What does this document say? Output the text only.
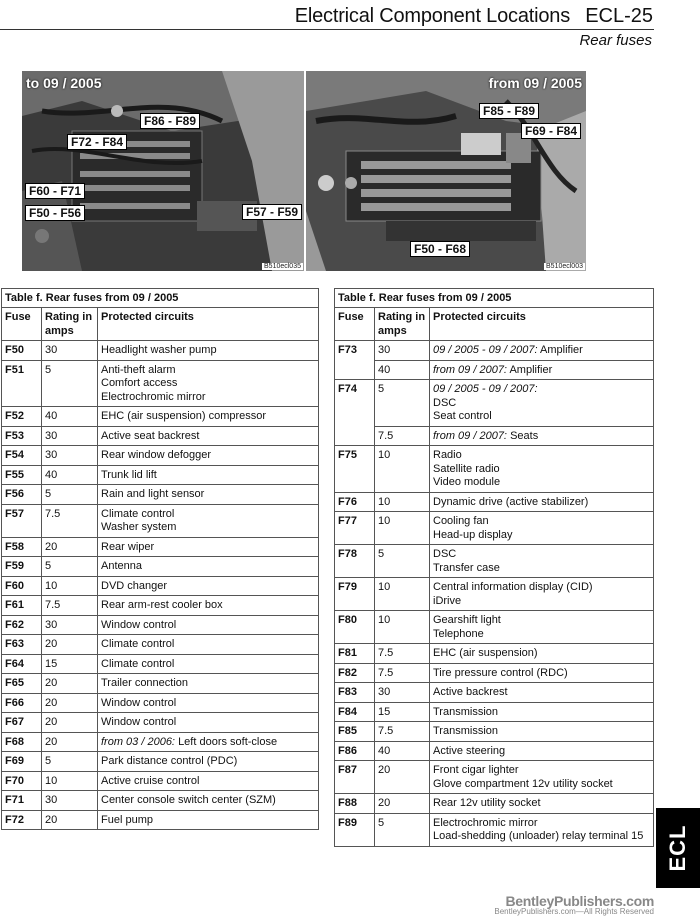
Electrical Component Locations ECL-25
Rear fuses
to 09 / 2005
F86 - F89
F72 - F84
F60 - F71
F50 - F56	F57 - F59
B510ecl035
from 09 / 2005
F85 - F89
F69 - F84
F50 - F68
B510ecl003
Table f. Rear fuses from 09 / 2005
Fuse	Rating in amps	Protected circuits
F50	30	Headlight washer pump

F51	5	Anti-theft alarm
Comfort access
Electrochromic mirror

F52	40	EHC (air suspension) compressor

F53	30	Active seat backrest

F54	30	Rear window defogger

F55	40	Trunk lid lift

F56	5	Rain and light sensor

F57	7.5	Climate control
Washer system

F58	20	Rear wiper

F59	5	Antenna

F60	10	DVD changer

F61	7.5	Rear arm-rest cooler box

F62	30	Window control

F63	20	Climate control

F64	15	Climate control

F65	20	Trailer connection

F66	20	Window control

F67	20	Window control

F68	20	from 03 / 2006: Left doors soft-close

F69	5	Park distance control (PDC)

F70	10	Active cruise control

F71	30	Center console switch center (SZM)

F72	20	Fuel pump
Table f. Rear fuses from 09 / 2005
Fuse	Rating in amps	Protected circuits
F73	30	09 / 2005 - 09 / 2007: Amplifier

	40	from 09 / 2007: Amplifier

F74	5	09 / 2005 - 09 / 2007:
DSC
Seat control

	7.5	from 09 / 2007: Seats

F75	10	Radio
Satellite radio
Video module

F76	10	Dynamic drive (active stabilizer)

F77	10	Cooling fan
Head-up display

F78	5	DSC
Transfer case

F79	10	Central information display (CID)
iDrive

F80	10	Gearshift light
Telephone

F81	7.5	EHC (air suspension)

F82	7.5	Tire pressure control (RDC)

F83	30	Active backrest

F84	15	Transmission

F85	7.5	Transmission

F86	40	Active steering

F87	20	Front cigar lighter
Glove compartment 12v utility socket

F88	20	Rear 12v utility socket

F89	5	Electrochromic mirror
Load-shedding (unloader) relay terminal 15 ECL
BentleyPublishers.com
BentleyPublishers.com—All Rights Reserved
